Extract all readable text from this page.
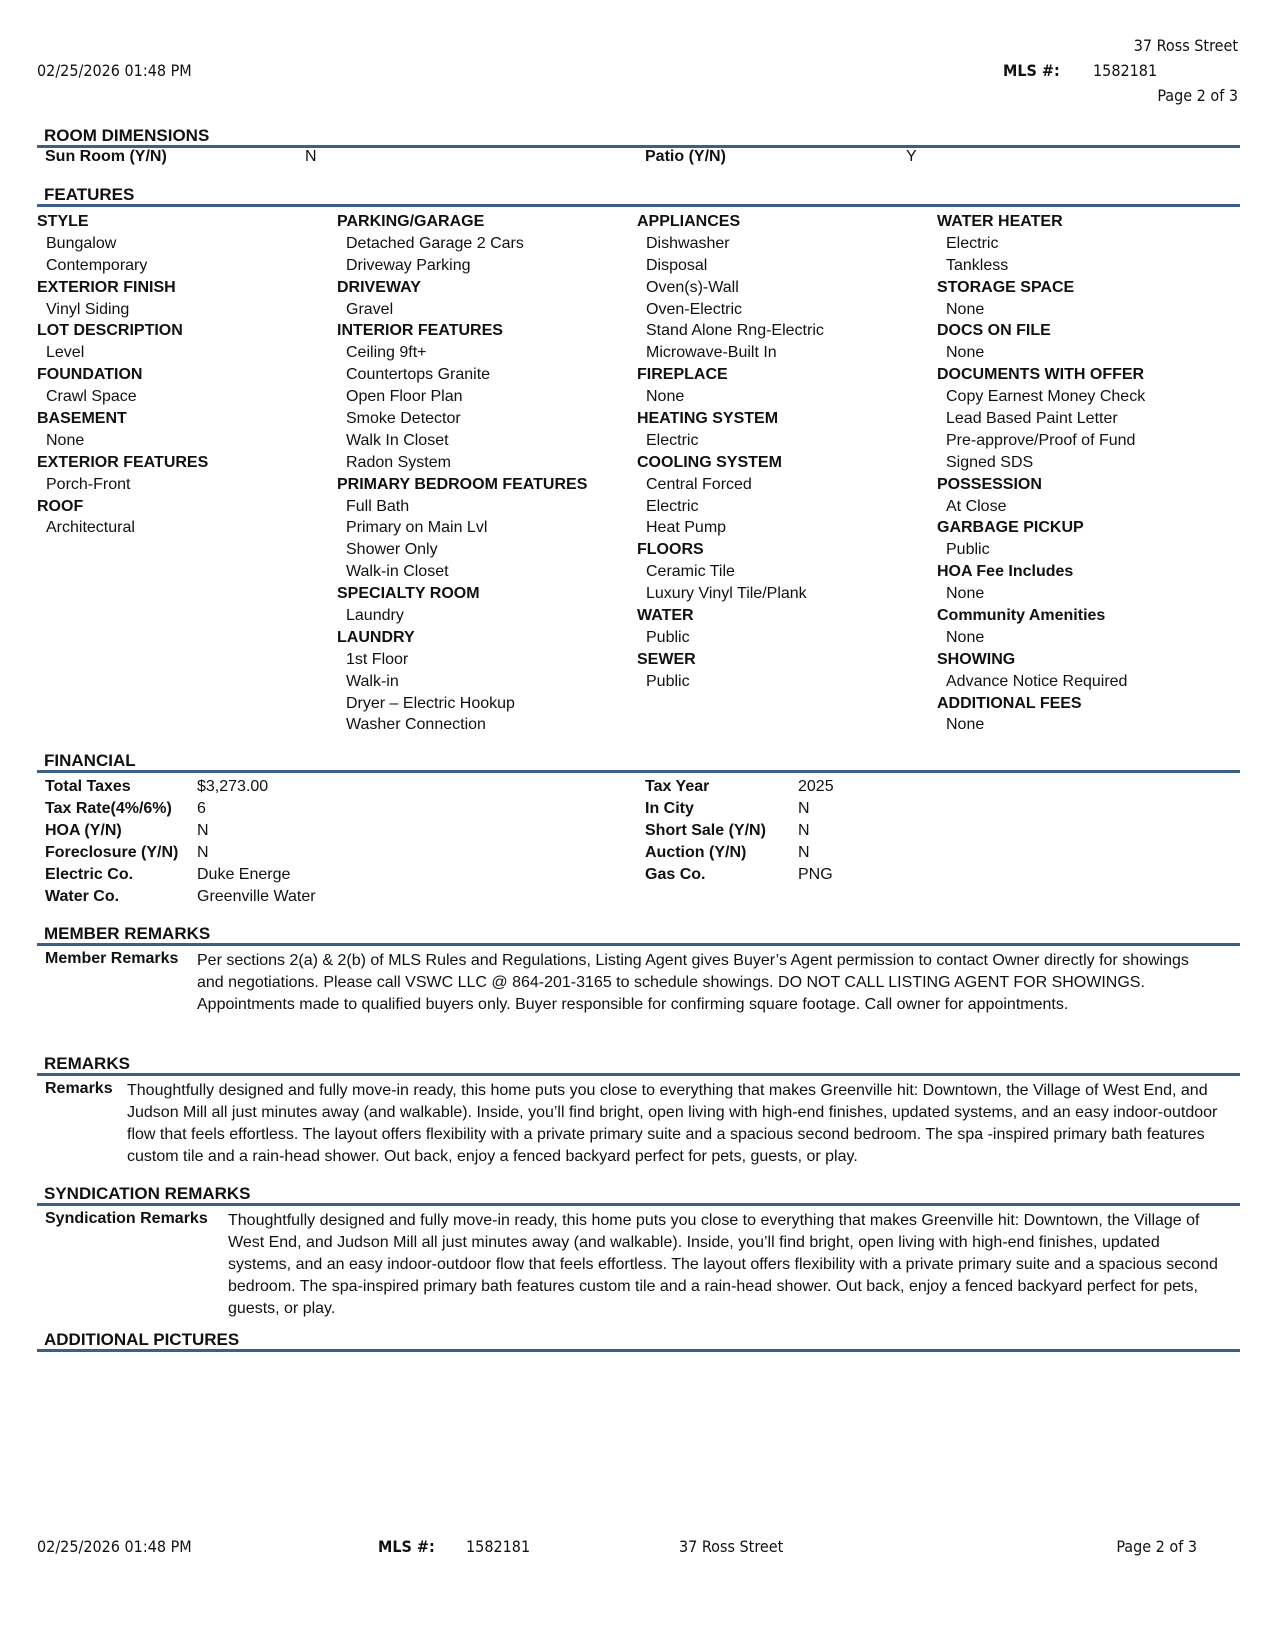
37 Ross Street
02/25/2026 01:48 PM	MLS #: 1582181
Page 2 of 3
ROOM DIMENSIONS
Sun Room (Y/N)	N	Patio (Y/N)	Y
FEATURES
STYLE
Bungalow
Contemporary
EXTERIOR FINISH
Vinyl Siding
LOT DESCRIPTION
Level
FOUNDATION
Crawl Space
BASEMENT
None
EXTERIOR FEATURES
Porch-Front
ROOF
Architectural
PARKING/GARAGE
Detached Garage 2 Cars
Driveway Parking
DRIVEWAY
Gravel
INTERIOR FEATURES
Ceiling 9ft+
Countertops Granite
Open Floor Plan
Smoke Detector
Walk In Closet
Radon System
PRIMARY BEDROOM FEATURES
Full Bath
Primary on Main Lvl
Shower Only
Walk-in Closet
SPECIALTY ROOM
Laundry
LAUNDRY
1st Floor
Walk-in
Dryer – Electric Hookup
Washer Connection
APPLIANCES
Dishwasher
Disposal
Oven(s)-Wall
Oven-Electric
Stand Alone Rng-Electric
Microwave-Built In
FIREPLACE
None
HEATING SYSTEM
Electric
COOLING SYSTEM
Central Forced
Electric
Heat Pump
FLOORS
Ceramic Tile
Luxury Vinyl Tile/Plank
WATER
Public
SEWER
Public
WATER HEATER
Electric
Tankless
STORAGE SPACE
None
DOCS ON FILE
None
DOCUMENTS WITH OFFER
Copy Earnest Money Check
Lead Based Paint Letter
Pre-approve/Proof of Fund
Signed SDS
POSSESSION
At Close
GARBAGE PICKUP
Public
HOA Fee Includes
None
Community Amenities
None
SHOWING
Advance Notice Required
ADDITIONAL FEES
None
FINANCIAL
Total Taxes	$3,273.00
Tax Rate(4%/6%) 6
HOA (Y/N)	N
Foreclosure (Y/N) N
Electric Co.	Duke Energe
Water Co.	Greenville Water
Tax Year	2025
In City	N
Short Sale (Y/N) N
Auction (Y/N)	N
Gas Co.	PNG
MEMBER REMARKS
Member Remarks Per sections 2(a) & 2(b) of MLS Rules and Regulations, Listing Agent gives Buyer’s Agent permission to contact Owner directly for showings and negotiations. Please call VSWC LLC @ 864-201-3165 to schedule showings. DO NOT CALL LISTING AGENT FOR SHOWINGS. Appointments made to qualified buyers only. Buyer responsible for confirming square footage. Call owner for appointments.
REMARKS
Remarks Thoughtfully designed and fully move-in ready, this home puts you close to everything that makes Greenville hit: Downtown, the Village of West End, and Judson Mill all just minutes away (and walkable). Inside, you’ll find bright, open living with high-end finishes, updated systems, and an easy indoor-outdoor flow that feels effortless. The layout offers flexibility with a private primary suite and a spacious second bedroom. The spa -inspired primary bath features custom tile and a rain-head shower. Out back, enjoy a fenced backyard perfect for pets, guests, or play.
SYNDICATION REMARKS
Syndication Remarks Thoughtfully designed and fully move-in ready, this home puts you close to everything that makes Greenville hit: Downtown, the Village of West End, and Judson Mill all just minutes away (and walkable). Inside, you’ll find bright, open living with high-end finishes, updated systems, and an easy indoor-outdoor flow that feels effortless. The layout offers flexibility with a private primary suite and a spacious second bedroom. The spa-inspired primary bath features custom tile and a rain-head shower. Out back, enjoy a fenced backyard perfect for pets, guests, or play.
ADDITIONAL PICTURES
02/25/2026 01:48 PM	MLS #: 1582181	37 Ross Street	Page 2 of 3
